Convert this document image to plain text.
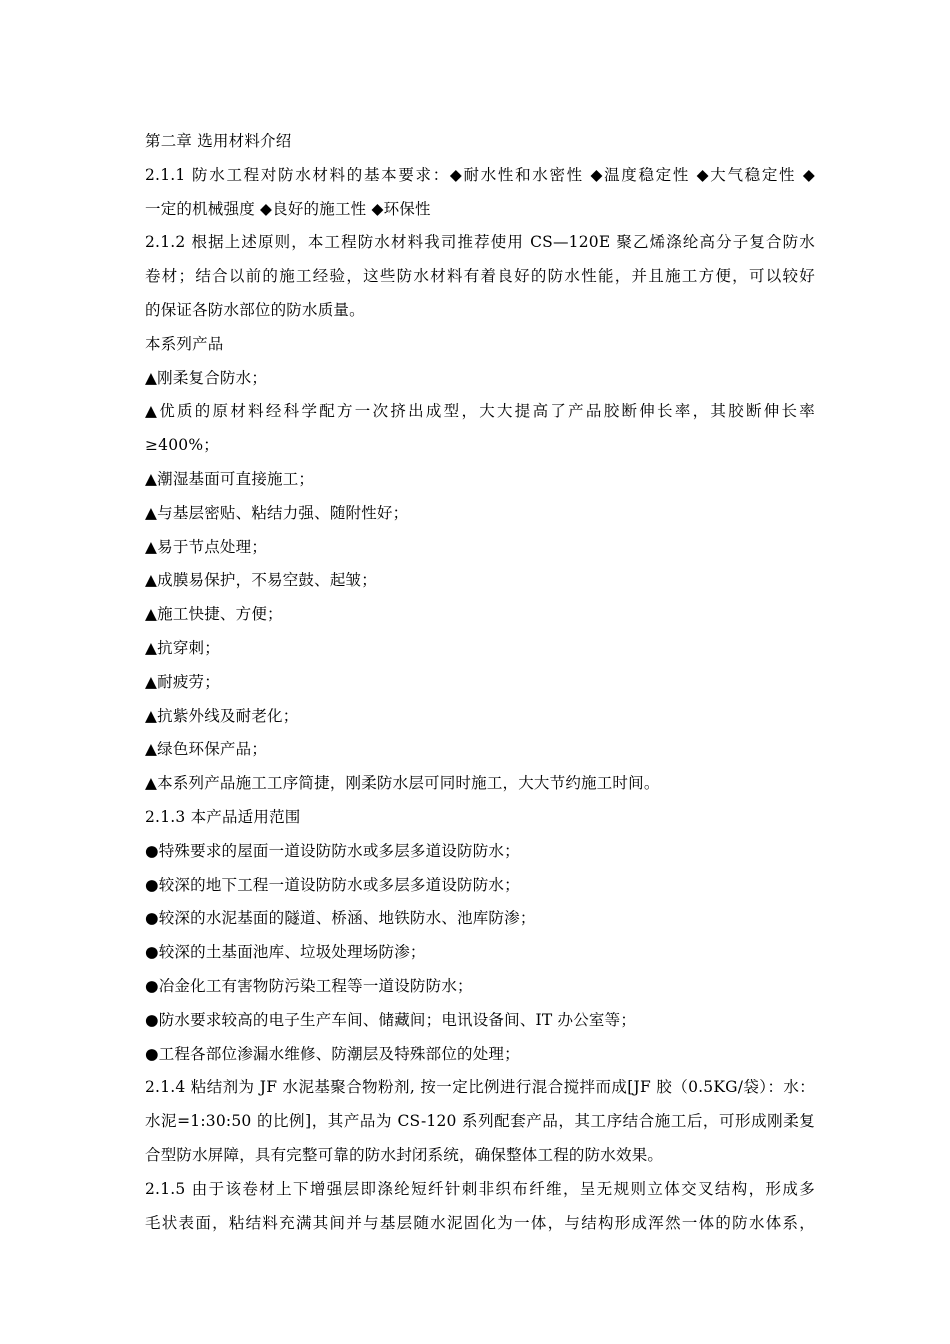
第二章 选用材料介绍
2.1.1 防水工程对防水材料的基本要求：◆耐水性和水密性 ◆温度稳定性 ◆大气稳定性 ◆
一定的机械强度 ◆良好的施工性 ◆环保性
2.1.2 根据上述原则，本工程防水材料我司推荐使用 CS—120E 聚乙烯涤纶高分子复合防水
卷材；结合以前的施工经验，这些防水材料有着良好的防水性能，并且施工方便，可以较好
的保证各防水部位的防水质量。
本系列产品
▲刚柔复合防水；
▲优质的原材料经科学配方一次挤出成型，大大提高了产品胶断伸长率，其胶断伸长率
≥400%；
▲潮湿基面可直接施工；
▲与基层密贴、粘结力强、随附性好；
▲易于节点处理；
▲成膜易保护，不易空鼓、起皱；
▲施工快捷、方便；
▲抗穿刺；
▲耐疲劳；
▲抗紫外线及耐老化；
▲绿色环保产品；
▲本系列产品施工工序简捷，刚柔防水层可同时施工，大大节约施工时间。
2.1.3 本产品适用范围
●特殊要求的屋面一道设防防水或多层多道设防防水；
●较深的地下工程一道设防防水或多层多道设防防水；
●较深的水泥基面的隧道、桥涵、地铁防水、池库防渗；
●较深的土基面池库、垃圾处理场防渗；
●冶金化工有害物防污染工程等一道设防防水；
●防水要求较高的电子生产车间、储藏间；电讯设备间、IT 办公室等；
●工程各部位渗漏水维修、防潮层及特殊部位的处理；
2.1.4 粘结剂为 JF 水泥基聚合物粉剂, 按一定比例进行混合搅拌而成[JF 胶（0.5KG/袋）：水：
水泥=1:30:50 的比例]，其产品为 CS-120 系列配套产品，其工序结合施工后，可形成刚柔复
合型防水屏障，具有完整可靠的防水封闭系统，确保整体工程的防水效果。
2.1.5 由于该卷材上下增强层即涤纶短纤针刺非织布纤维，呈无规则立体交叉结构，形成多
毛状表面，粘结料充满其间并与基层随水泥固化为一体，与结构形成浑然一体的防水体系，
